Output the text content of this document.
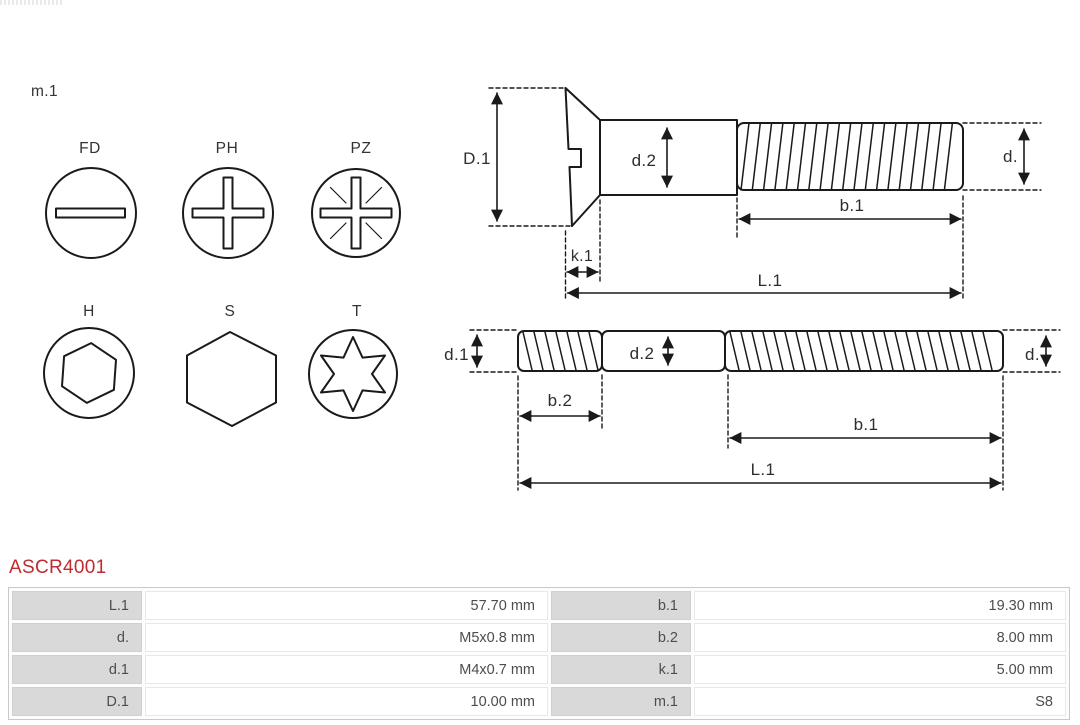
m.1
FD	PH	PZ
H	S	T
D.1	d.2	d.
b.1
k.1
L.1
d.1	d.2	d.
b.2
b.1
L.1
ASCR4001
L.1	57.70 mm	b.1	19.30 mm
d.	M5x0.8 mm	b.2	8.00 mm
d.1	M4x0.7 mm	k.1	5.00 mm
D.1	10.00 mm	m.1	S8
